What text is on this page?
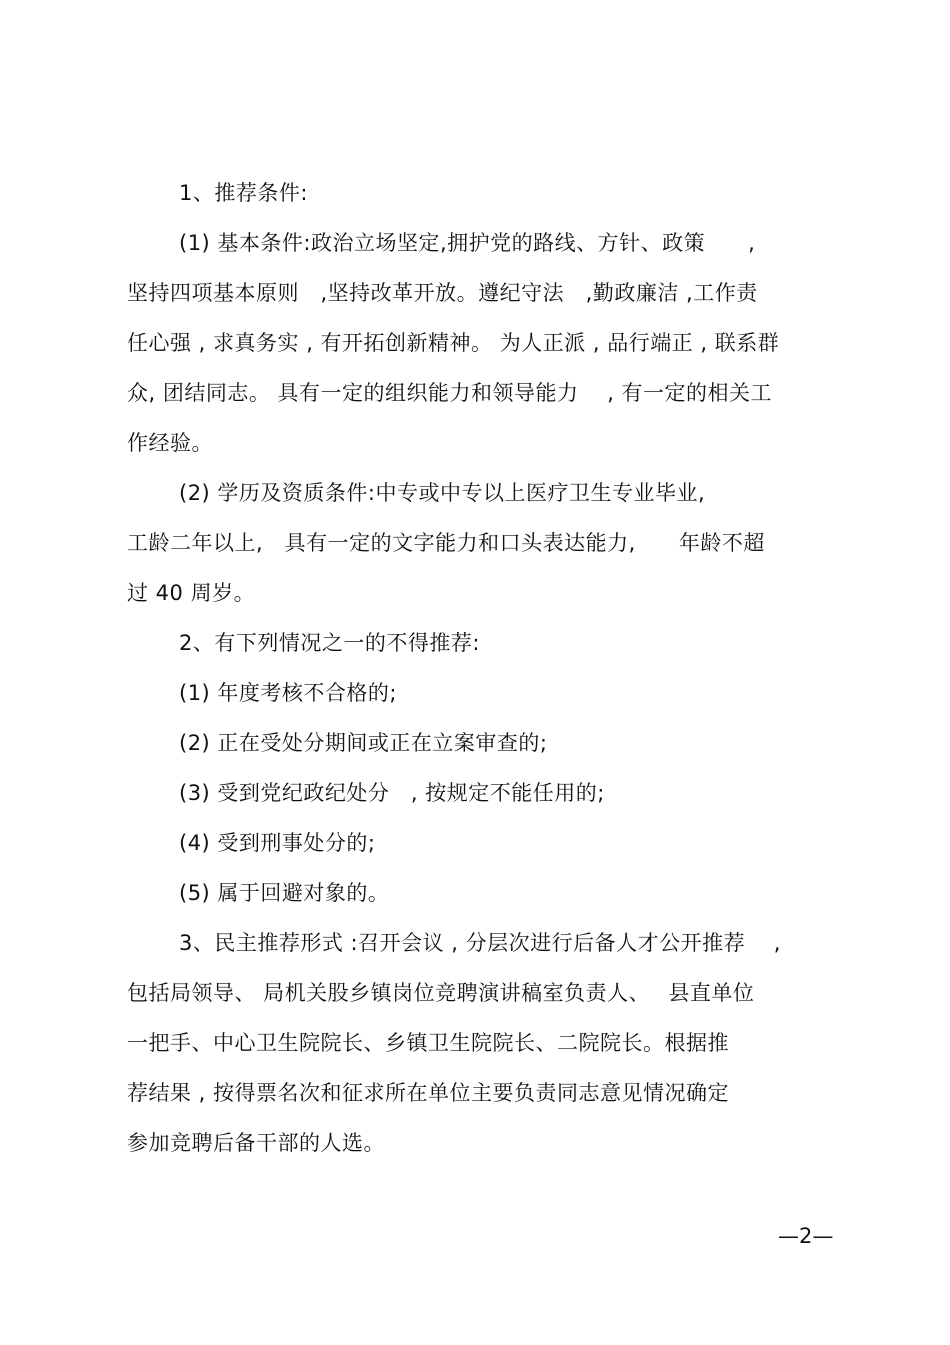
1、推荐条件:
(1) 基本条件:政治立场坚定,拥护党的路线、方针、政策　　,
坚持四项基本原则　,坚持改革开放。遵纪守法　,勤政廉洁 ,工作责
任心强 , 求真务实 , 有开拓创新精神。 为人正派 , 品行端正 , 联系群
众, 团结同志。 具有一定的组织能力和领导能力　 , 有一定的相关工
作经验。
(2) 学历及资质条件:中专或中专以上医疗卫生专业毕业,
工龄二年以上,　具有一定的文字能力和口头表达能力,　　年龄不超
过 40 周岁。
2、有下列情况之一的不得推荐:
(1) 年度考核不合格的;
(2) 正在受处分期间或正在立案审查的;
(3) 受到党纪政纪处分　, 按规定不能任用的;
(4) 受到刑事处分的;
(5) 属于回避对象的。
3、民主推荐形式 :召开会议 , 分层次进行后备人才公开推荐　 ,
包括局领导、 局机关股乡镇岗位竞聘演讲稿室负责人、　 县直单位
一把手、中心卫生院院长、乡镇卫生院院长、二院院长。根据推
荐结果 , 按得票名次和征求所在单位主要负责同志意见情况确定
参加竞聘后备干部的人选。
—2—
